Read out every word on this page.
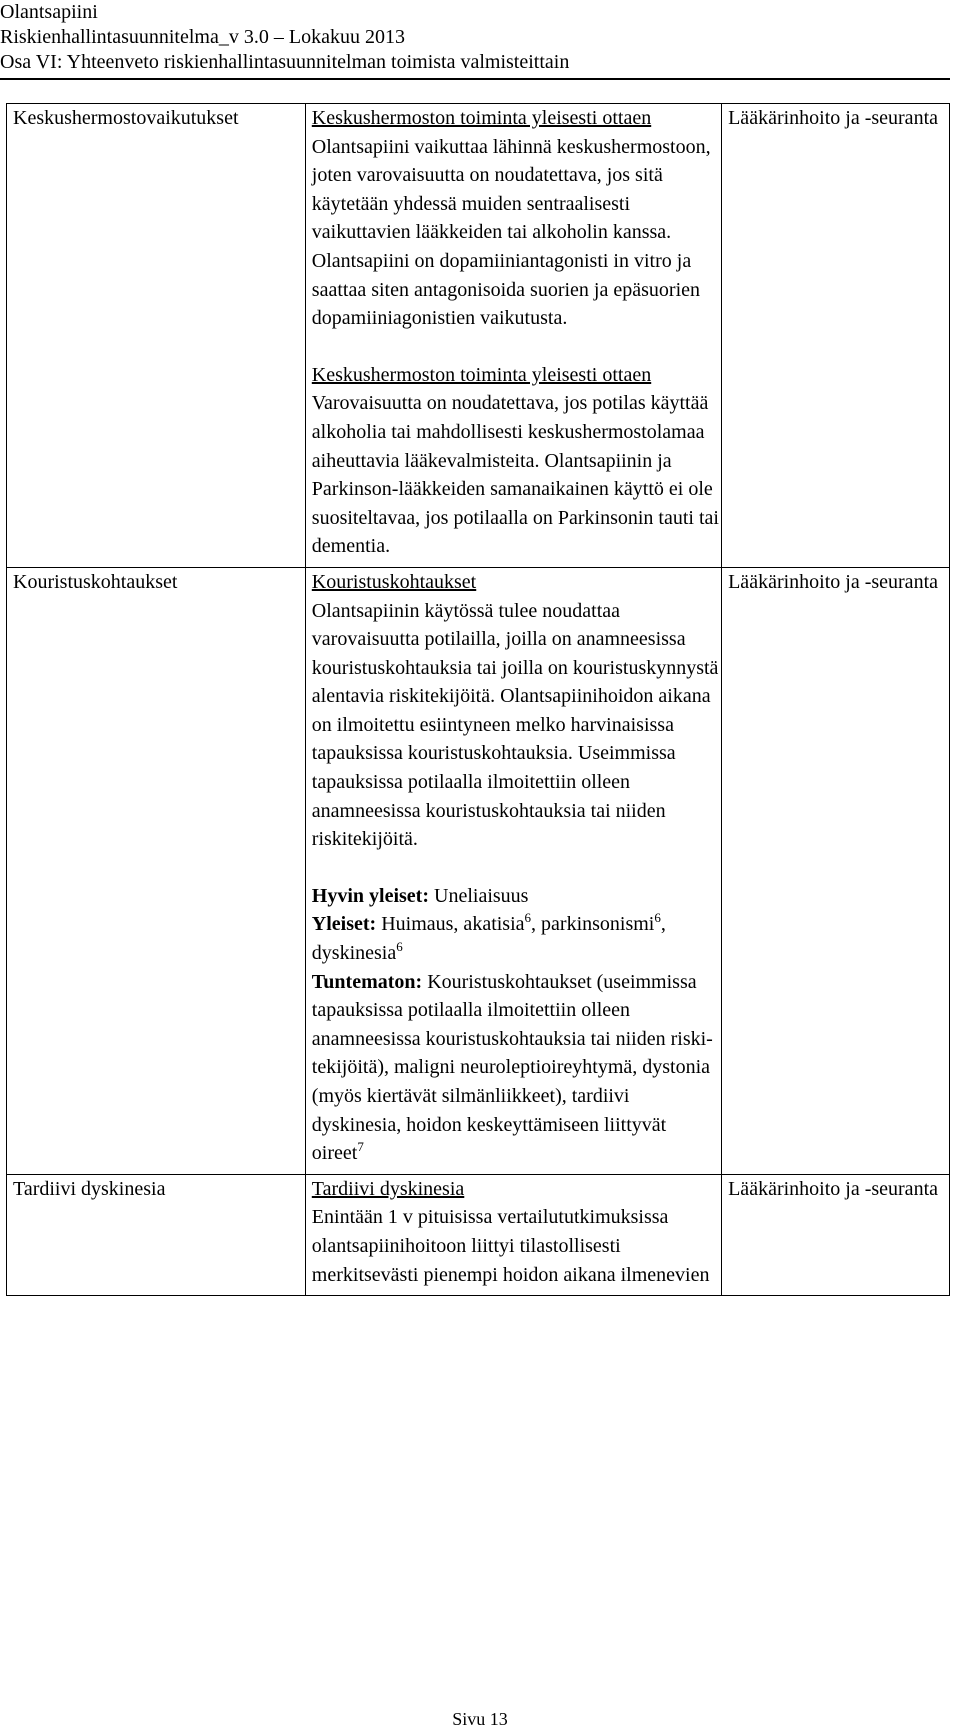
Olantsapiini
Riskienhallintasuunnitelma_v 3.0 – Lokakuu 2013
Osa VI: Yhteenveto riskienhallintasuunnitelman toimista valmisteittain
Keskushermostovaikutukset	Keskushermoston toiminta yleisesti ottaen

Olantsapiini vaikuttaa lähinnä keskushermostoon, joten varovaisuutta on noudatettava, jos sitä käytetään yhdessä muiden sentraalisesti vaikuttavien lääkkeiden tai alkoholin kanssa. Olantsapiini on dopamiiniantagonisti in vitro ja saattaa siten antagonisoida suorien ja epäsuorien dopamiiniagonistien vaikutusta.

Keskushermoston toiminta yleisesti ottaen

Varovaisuutta on noudatettava, jos potilas käyttää alkoholia tai mahdollisesti keskushermostolamaa aiheuttavia lääkevalmisteita. Olantsapiinin ja Parkinson-lääkkeiden samanaikainen käyttö ei ole suositeltavaa, jos potilaalla on Parkinsonin tauti tai dementia.	Lääkärinhoito ja -seuranta
Kouristuskohtaukset	Kouristuskohtaukset

Olantsapiinin käytössä tulee noudattaa varovaisuutta potilailla, joilla on anamneesissa kouristuskohtauksia tai joilla on kouristuskynnystä alentavia riskitekijöitä. Olantsapiinihoidon aikana on ilmoitettu esiintyneen melko harvinaisissa tapauksissa kouristuskohtauksia. Useimmissa tapauksissa potilaalla ilmoitettiin olleen anamneesissa kouristuskohtauksia tai niiden riskitekijöitä.

Hyvin yleiset: Uneliaisuus

Yleiset: Huimaus, akatisia$^6$, parkinsonismi$^6$, dyskinesia$^6$

Tuntematon: Kouristuskohtaukset (useimmissa tapauksissa potilaalla ilmoitettiin olleen anamneesissa kouristuskohtauksia tai niiden riskitekijöitä), maligni neuroleptioireyhtymä, dystonia (myös kiertävät silmänliikkeet), tardiivi dyskinesia, hoidon keskeyttämiseen liittyvät oireet$^7$	Lääkärinhoito ja -seuranta
Tardiivi dyskinesia	Tardiivi dyskinesia

Enintään 1 v pituisissa vertailututkimuksissa olantsapiinihoitoon liittyi tilastollisesti merkitsevästi pienempi hoidon aikana ilmenevien	Lääkärinhoito ja -seuranta
Sivu 13
